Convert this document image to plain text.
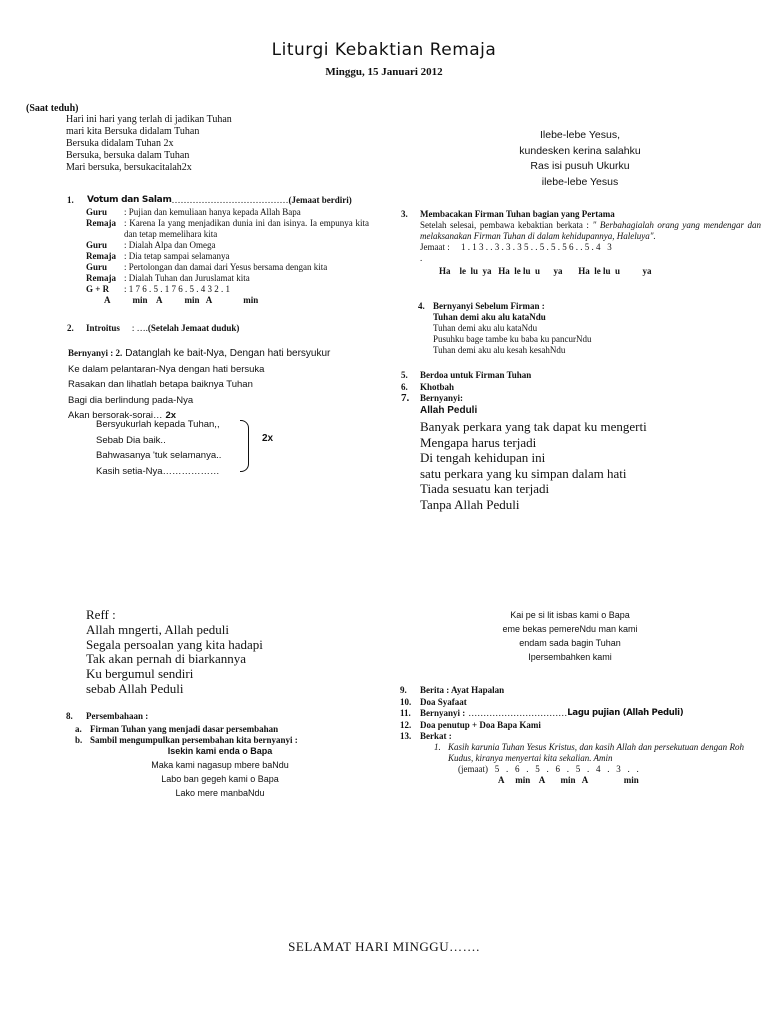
Liturgi Kebaktian Remaja
Minggu, 15 Januari 2012
(Saat teduh)
Hari ini hari yang terlah di jadikan Tuhan
mari kita Bersuka didalam Tuhan
Bersuka didalam Tuhan 2x
Bersuka, bersuka dalam Tuhan
Mari bersuka, bersukacitalah2x
Ilebe-lebe Yesus,
kundesken kerina salahku
Ras isi pusuh Ukurku
ilebe-lebe Yesus
1.	Votum dan Salam ………………………………… (Jemaat berdiri)
Guru	: Pujian dan kemuliaan hanya kepada Allah Bapa
Remaja : Karena Ia yang menjadikan dunia ini dan isinya. Ia empunya kita dan tetap memelihara kita
Guru	: Dialah Alpa dan Omega
Remaja : Dia tetap sampai selamanya
Guru	: Pertolongan dan damai dari Yesus bersama dengan kita
Remaja : Dialah Tuhan dan Juruslamat kita
G + R	: 1 7 6 . 5 . 1 7 6 . 5 . 4 3 2 . 1
A          min    A          min   A              min
2.	Introitus : …. (Setelah Jemaat duduk)
Bernyanyi : 2. Datanglah ke bait-Nya, Dengan hati bersyukur
Ke dalam pelantaran-Nya dengan hati bersuka
Rasakan dan lihatlah betapa baiknya Tuhan
Bagi dia berlindung pada-Nya
Akan bersorak-sorai… 2x
Bersyukurlah kepada Tuhan,,
Sebab Dia baik..
Bahwasanya 'tuk selamanya..
Kasih setia-Nya………………
2x
3.	Membacakan Firman Tuhan bagian yang Pertama
Setelah selesai, pembawa kebaktian berkata : " Berbahagialah orang yang mendengar dan melaksanakan Firman Tuhan di dalam kehidupannya, Haleluya".
Jemaat :     1 . 1 3 . . 3 . 3 . 3 5 . . 5 . 5 . 5 6 . . 5 . 4   3
.
Ha    le  lu  ya   Ha  le lu  u      ya       Ha  le lu  u          ya
4. Bernyanyi Sebelum Firman :
Tuhan demi aku alu kataNdu
Tuhan demi aku alu kataNdu
Pusuhku bage tambe ku baba ku pancurNdu
Tuhan demi aku alu kesah kesahNdu
5.	Berdoa untuk Firman Tuhan
6.	Khotbah
7.	Bernyanyi:
Allah Peduli
Banyak perkara yang tak dapat ku mengerti
Mengapa harus terjadi
Di tengah kehidupan ini
satu perkara yang ku simpan dalam hati
Tiada sesuatu kan terjadi
Tanpa Allah Peduli
Reff :
Allah mngerti, Allah peduli
Segala persoalan yang kita hadapi
Tak akan pernah di biarkannya
Ku bergumul sendiri
sebab Allah Peduli
Kai pe si lit isbas kami o Bapa
eme bekas pemereNdu man kami
endam sada bagin Tuhan
Ipersembahken kami
8.	Persembahaan :
a. Firman Tuhan yang menjadi dasar persembahan
b. Sambil mengumpulkan persembahan kita bernyanyi :
Isekin kami enda o Bapa
Maka kami nagasup mbere baNdu
Labo ban gegeh kami o Bapa
Lako mere manbaNdu
9.	Berita : Ayat Hapalan
10. Doa Syafaat
11.	Bernyanyi : …………………………… Lagu pujian (Allah Peduli)
12. Doa penutup + Doa Bapa Kami
13. Berkat :
1. Kasih karunia Tuhan Yesus Kristus, dan kasih Allah dan persekutuan dengan Roh Kudus, kiranya menyertai kita sekalian. Amin
(jemaat)   5   .   6   .   5   .   6   .   5   .   4   .   3   .   .
A     min    A       min   A                min
SELAMAT HARI MINGGU…….
